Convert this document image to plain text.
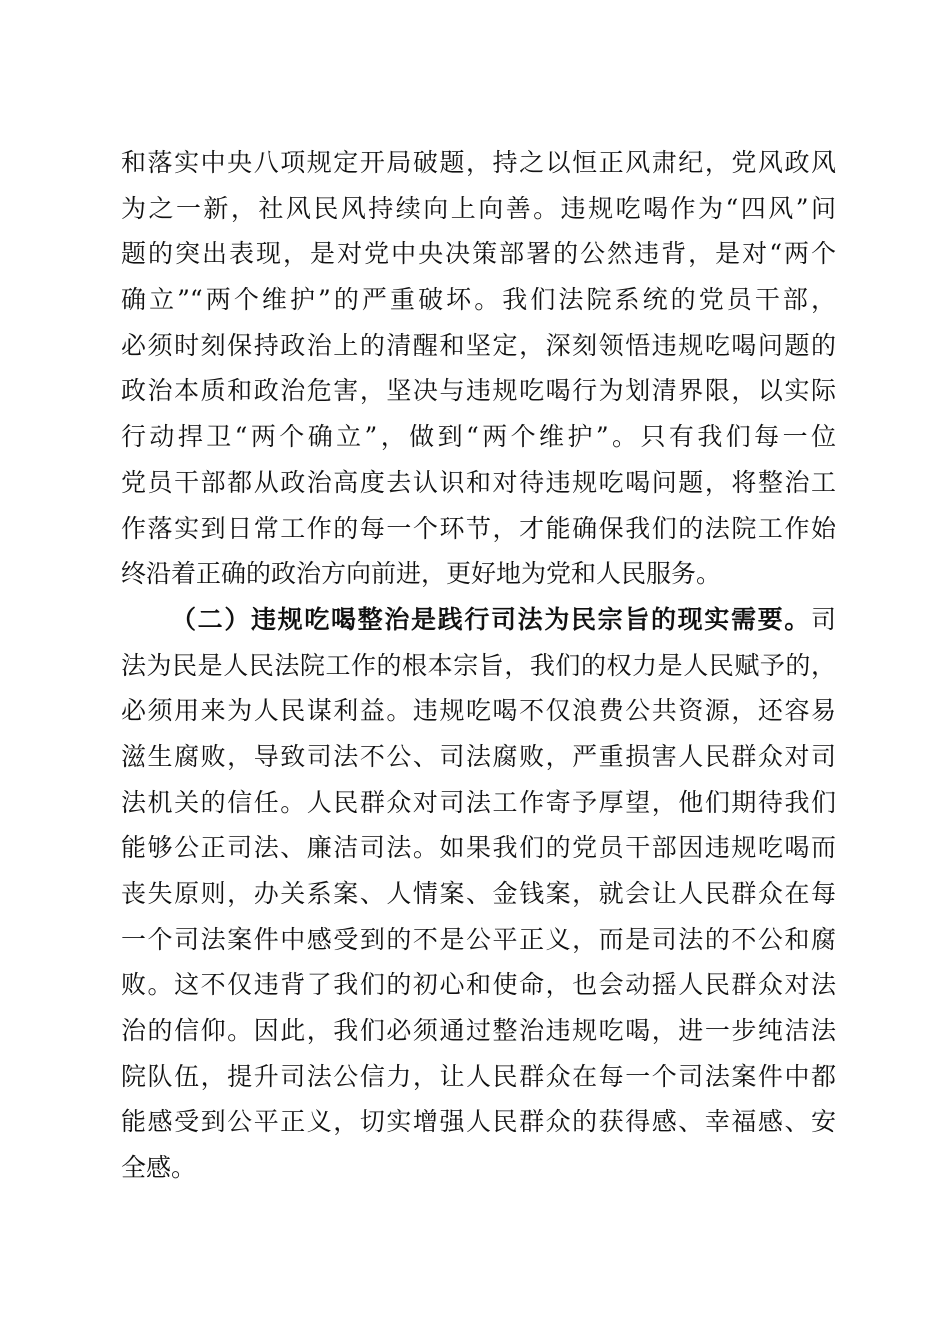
和落实中央八项规定开局破题，持之以恒正风肃纪，党风政风
为之一新，社风民风持续向上向善。违规吃喝作为“四风”问
题的突出表现，是对党中央决策部署的公然违背，是对“两个
确立”“两个维护”的严重破坏。我们法院系统的党员干部，
必须时刻保持政治上的清醒和坚定，深刻领悟违规吃喝问题的
政治本质和政治危害，坚决与违规吃喝行为划清界限，以实际
行动捍卫“两个确立”，做到“两个维护”。只有我们每一位
党员干部都从政治高度去认识和对待违规吃喝问题，将整治工
作落实到日常工作的每一个环节，才能确保我们的法院工作始
终沿着正确的政治方向前进，更好地为党和人民服务。
（二）违规吃喝整治是践行司法为民宗旨的现实需要。司
法为民是人民法院工作的根本宗旨，我们的权力是人民赋予的，
必须用来为人民谋利益。违规吃喝不仅浪费公共资源，还容易
滋生腐败，导致司法不公、司法腐败，严重损害人民群众对司
法机关的信任。人民群众对司法工作寄予厚望，他们期待我们
能够公正司法、廉洁司法。如果我们的党员干部因违规吃喝而
丧失原则，办关系案、人情案、金钱案，就会让人民群众在每
一个司法案件中感受到的不是公平正义，而是司法的不公和腐
败。这不仅违背了我们的初心和使命，也会动摇人民群众对法
治的信仰。因此，我们必须通过整治违规吃喝，进一步纯洁法
院队伍，提升司法公信力，让人民群众在每一个司法案件中都
能感受到公平正义，切实增强人民群众的获得感、幸福感、安
全感。
